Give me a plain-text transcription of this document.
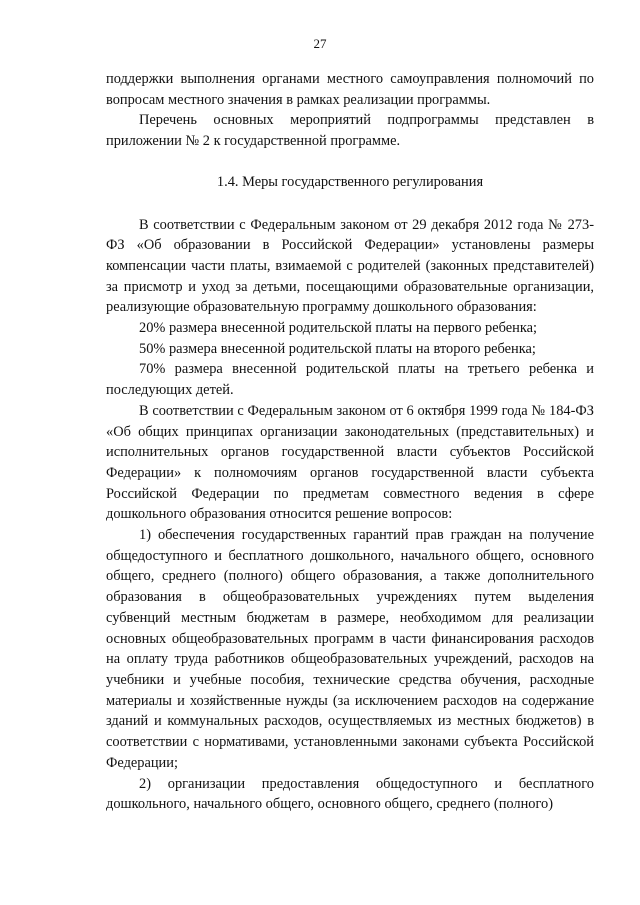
27

поддержки выполнения органами местного самоуправления полномочий по вопросам местного значения в рамках реализации программы.

Перечень основных мероприятий подпрограммы представлен в приложении № 2 к государственной программе.

1.4. Меры государственного регулирования

В соответствии с Федеральным законом от 29 декабря 2012 года № 273-ФЗ «Об образовании в Российской Федерации» установлены размеры компенсации части платы, взимаемой с родителей (законных представителей) за присмотр и уход за детьми, посещающими образовательные организации, реализующие образовательную программу дошкольного образования:

20% размера внесенной родительской платы на первого ребенка;

50% размера внесенной родительской платы на второго ребенка;

70% размера внесенной родительской платы на третьего ребенка и последующих детей.

В соответствии с Федеральным законом от 6 октября 1999 года № 184-ФЗ «Об общих принципах организации законодательных (представительных) и исполнительных органов государственной власти субъектов Российской Федерации» к полномочиям органов государственной власти субъекта Российской Федерации по предметам совместного ведения в сфере дошкольного образования относится решение вопросов:

1) обеспечения государственных гарантий прав граждан на получение общедоступного и бесплатного дошкольного, начального общего, основного общего, среднего (полного) общего образования, а также дополнительного образования в общеобразовательных учреждениях путем выделения субвенций местным бюджетам в размере, необходимом для реализации основных общеобразовательных программ в части финансирования расходов на оплату труда работников общеобразовательных учреждений, расходов на учебники и учебные пособия, технические средства обучения, расходные материалы и хозяйственные нужды (за исключением расходов на содержание зданий и коммунальных расходов, осуществляемых из местных бюджетов) в соответствии с нормативами, установленными законами субъекта Российской Федерации;

2) организации предоставления общедоступного и бесплатного дошкольного, начального общего, основного общего, среднего (полного)
